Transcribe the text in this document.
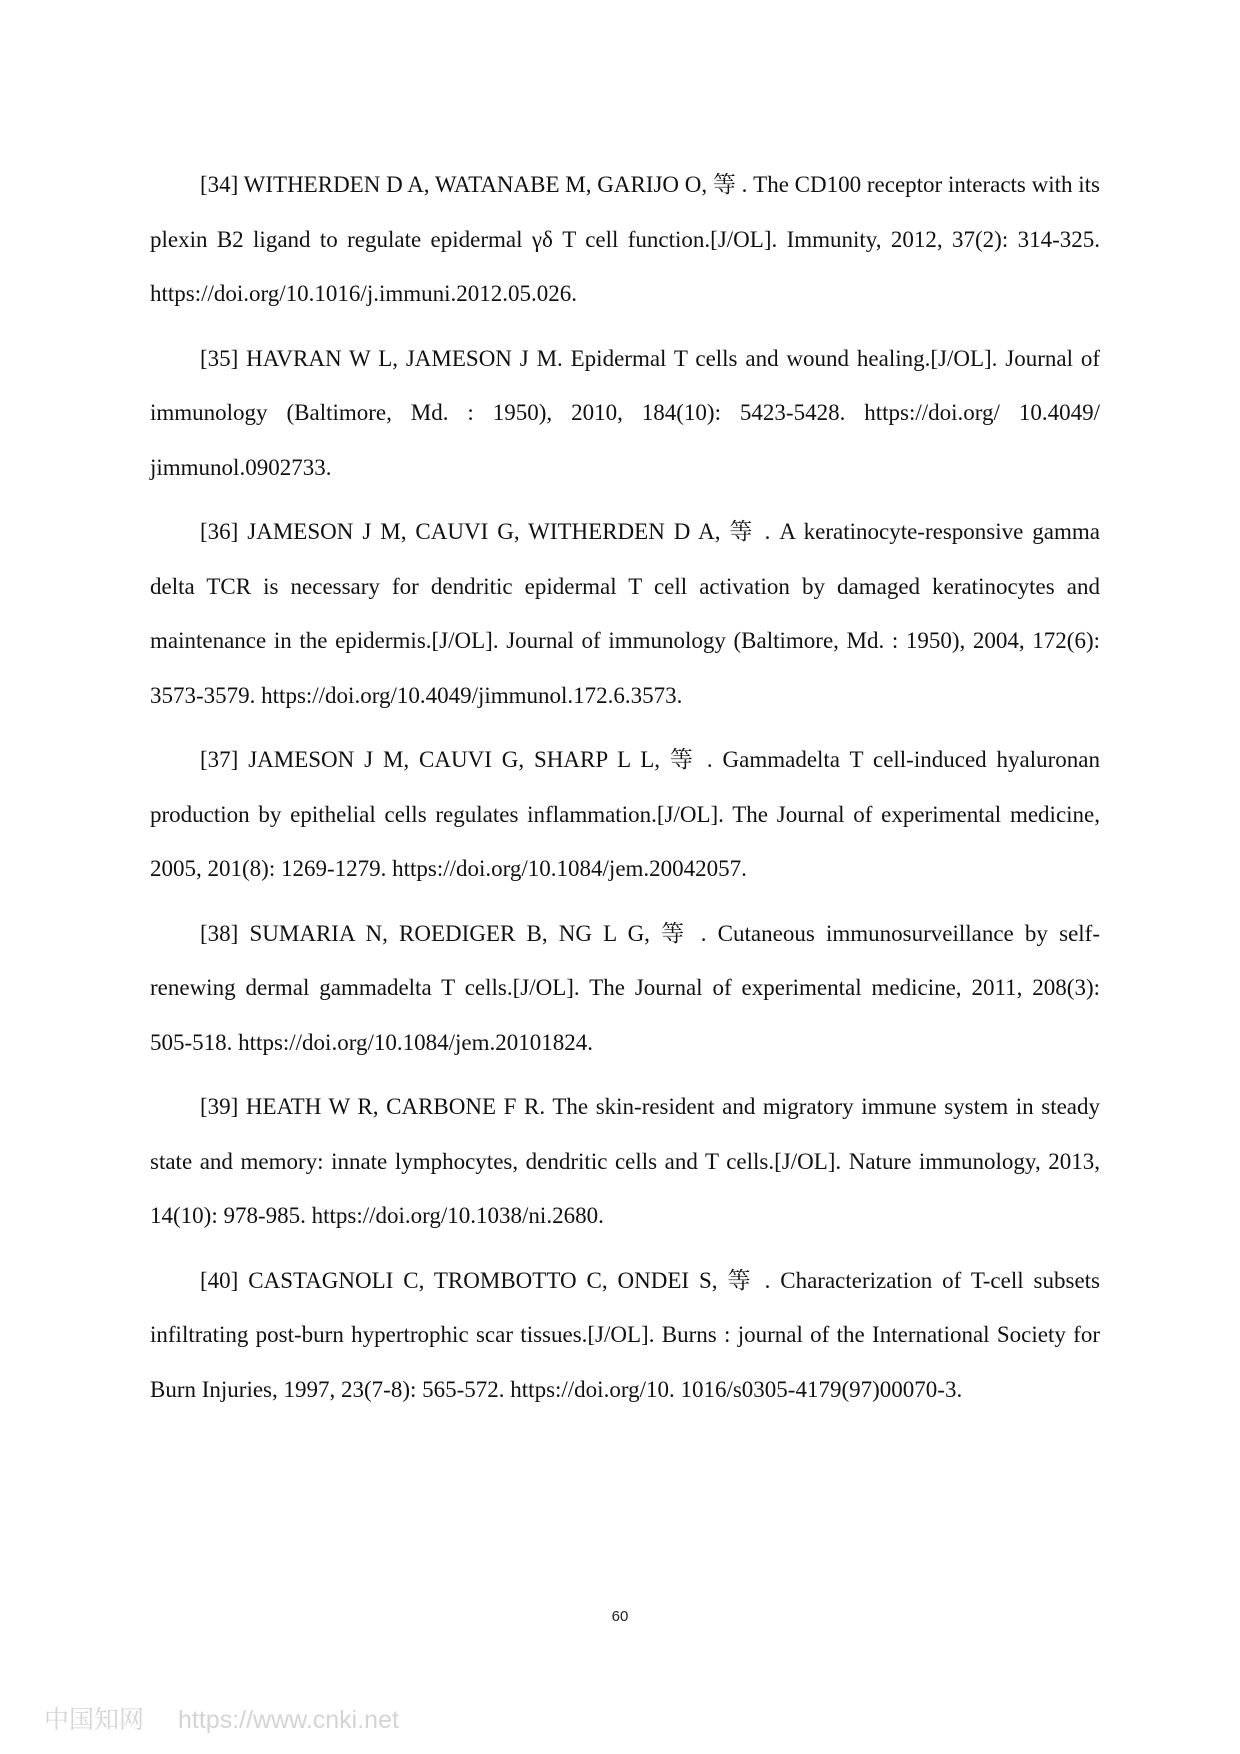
[34] WITHERDEN D A, WATANABE M, GARIJO O, 等 . The CD100 receptor interacts with its plexin B2 ligand to regulate epidermal γδ T cell function.[J/OL]. Immunity, 2012, 37(2): 314-325. https://doi.org/10.1016/j.immuni.2012.05.026.

[35] HAVRAN W L, JAMESON J M. Epidermal T cells and wound healing.[J/OL]. Journal of immunology (Baltimore, Md. : 1950), 2010, 184(10): 5423-5428. https://doi.org/ 10.4049/ jimmunol.0902733.

[36] JAMESON J M, CAUVI G, WITHERDEN D A, 等 . A keratinocyte-responsive gamma delta TCR is necessary for dendritic epidermal T cell activation by damaged keratinocytes and maintenance in the epidermis.[J/OL]. Journal of immunology (Baltimore, Md. : 1950), 2004, 172(6): 3573-3579. https://doi.org/10.4049/jimmunol.172.6.3573.

[37] JAMESON J M, CAUVI G, SHARP L L, 等 . Gammadelta T cell-induced hyaluronan production by epithelial cells regulates inflammation.[J/OL]. The Journal of experimental medicine, 2005, 201(8): 1269-1279. https://doi.org/10.1084/jem.20042057.

[38] SUMARIA N, ROEDIGER B, NG L G, 等 . Cutaneous immunosurveillance by self-renewing dermal gammadelta T cells.[J/OL]. The Journal of experimental medicine, 2011, 208(3): 505-518. https://doi.org/10.1084/jem.20101824.

[39] HEATH W R, CARBONE F R. The skin-resident and migratory immune system in steady state and memory: innate lymphocytes, dendritic cells and T cells.[J/OL]. Nature immunology, 2013, 14(10): 978-985. https://doi.org/10.1038/ni.2680.

[40] CASTAGNOLI C, TROMBOTTO C, ONDEI S, 等 . Characterization of T-cell subsets infiltrating post-burn hypertrophic scar tissues.[J/OL]. Burns : journal of the International Society for Burn Injuries, 1997, 23(7-8): 565-572. https://doi.org/10. 1016/s0305-4179(97)00070-3.

60
中国知网 https://www.cnki.net
